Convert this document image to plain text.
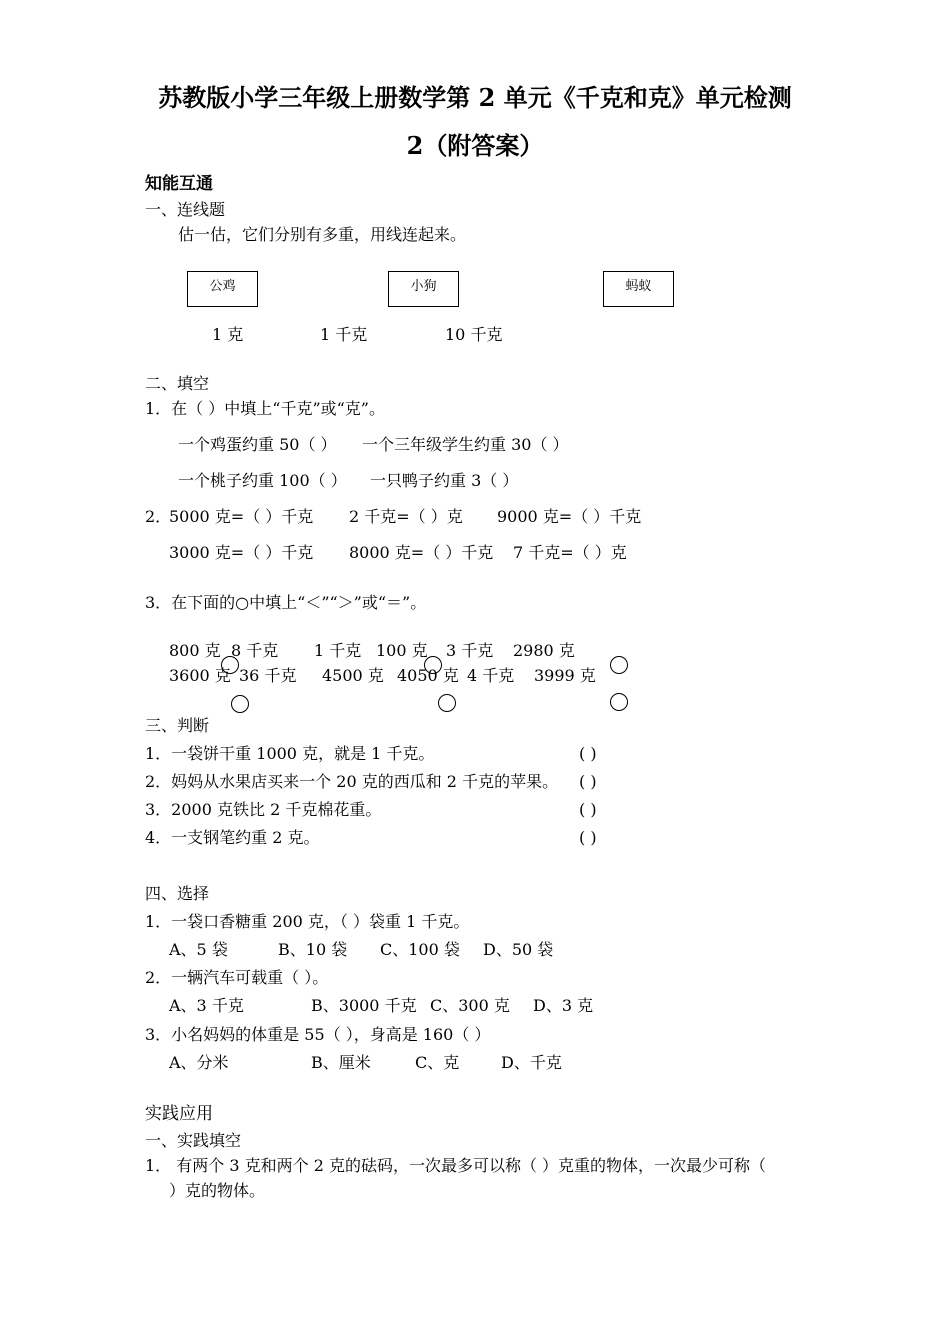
苏教版小学三年级上册数学第 2 单元《千克和克》单元检测
2（附答案）
知能互通
一、连线题
估一估，它们分别有多重，用线连起来。
公鸡	小狗	蚂蚁
1 克	1 千克	10 千克
二、填空
1．在（ ）中填上“千克”或“克”。
一个鸡蛋约重 50（ ） 一个三年级学生约重 30（ ）
一个桃子约重 100（ ） 一只鸭子约重 3（ ）
2．
5000 克=（ ）千克 2 千克=（ ）克 9000 克=（ ）千克
3000 克=（ ）千克 8000 克=（ ）千克 7 千克=（ ）克
3．在下面的○中填上“＜”“＞”或“＝”。
800 克 8 千克 1 千克 100 克 3 千克 2980 克
3600 克 36 千克 4500 克 4050 克 4 千克 3999 克
三、判断
1．一袋饼干重 1000 克，就是 1 千克。	( )
2．妈妈从水果店买来一个 20 克的西瓜和 2 千克的苹果。 ( )
3．2000 克铁比 2 千克棉花重。	( )
4．一支钢笔约重 2 克。	( )
四、选择
1．一袋口香糖重 200 克，（ ）袋重 1 千克。
A、5 袋	B、10 袋 C、100 袋 D、50 袋
2．一辆汽车可载重（ ）。
A、3 千克	B、3000 千克 C、300 克 D、3 克
3．小名妈妈的体重是 55（ ），身高是 160（ ）
A、分米	B、厘米	C、克	D、千克
实践应用
一、实践填空
1． 有两个 3 克和两个 2 克的砝码，一次最多可以称（ ）克重的物体，一次最少可称（
）克的物体。
